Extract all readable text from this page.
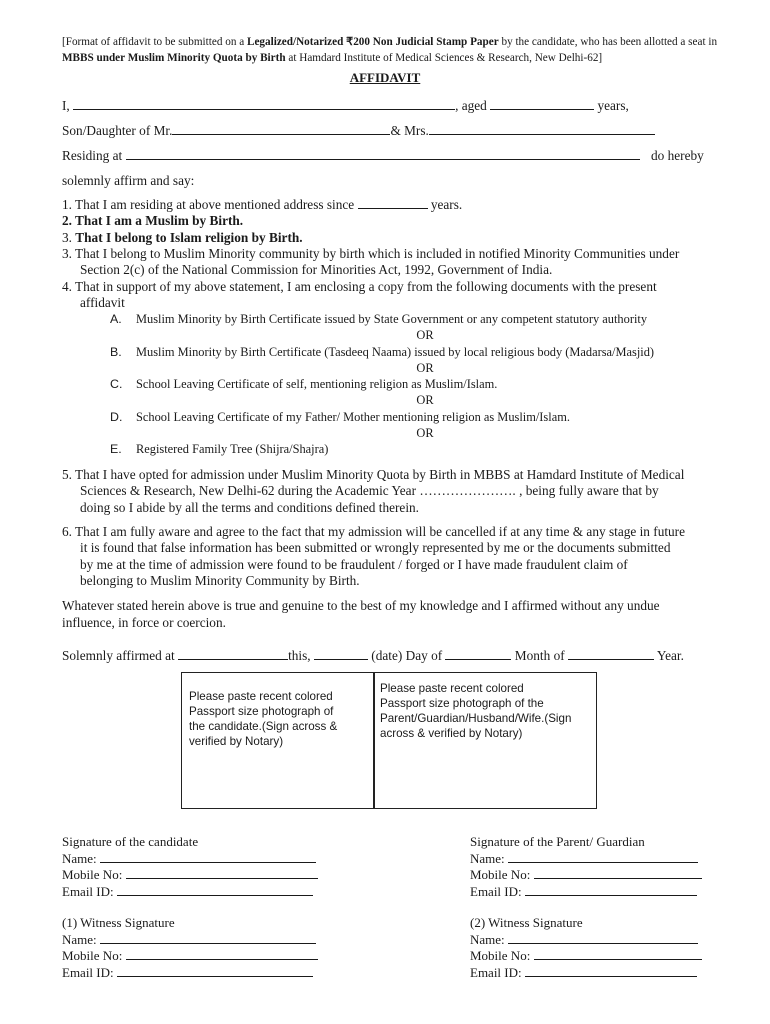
[Format of affidavit to be submitted on a Legalized/Notarized ₹200 Non Judicial Stamp Paper by the candidate, who has been allotted a seat in MBBS under Muslim Minority Quota by Birth at Hamdard Institute of Medical Sciences & Research, New Delhi-62]
AFFIDAVIT
I,	, aged	years,
Son/Daughter of Mr.	& Mrs.
Residing at	do hereby
solemnly affirm and say:
1. That I am residing at above mentioned address since	years.
2. That I am a Muslim by Birth.
3. That I belong to Islam religion by Birth.
3. That I belong to Muslim Minority community by birth which is included in notified Minority Communities under
Section 2(c) of the National Commission for Minorities Act, 1992, Government of India.
4. That in support of my above statement, I am enclosing a copy from the following documents with the present
affidavit
A. Muslim Minority by Birth Certificate issued by State Government or any competent statutory authority
OR
B. Muslim Minority by Birth Certificate (Tasdeeq Naama) issued by local religious body (Madarsa/Masjid)
OR
C. School Leaving Certificate of self, mentioning religion as Muslim/Islam.
OR
D. School Leaving Certificate of my Father/ Mother mentioning religion as Muslim/Islam.
OR
E. Registered Family Tree (Shijra/Shajra)
5. That I have opted for admission under Muslim Minority Quota by Birth in MBBS at Hamdard Institute of Medical
Sciences & Research, New Delhi-62 during the Academic Year …………………. , being fully aware that by
doing so I abide by all the terms and conditions defined therein.
6. That I am fully aware and agree to the fact that my admission will be cancelled if at any time & any stage in future
it is found that false information has been submitted or wrongly represented by me or the documents submitted
by me at the time of admission were found to be fraudulent / forged or I have made fraudulent claim of
belonging to Muslim Minority Community by Birth.
Whatever stated herein above is true and genuine to the best of my knowledge and I affirmed without any undue
influence, in force or coercion.
Solemnly affirmed at	this,	(date) Day of	Month of	Year.
Please paste recent colored
Passport size photograph of
the candidate.(Sign across &
verified by Notary)
Please paste recent colored
Passport size photograph of the
Parent/Guardian/Husband/Wife.(Sign
across & verified by Notary)
Signature of the candidate
Name:
Mobile No:
Email ID:
Signature of the Parent/ Guardian
Name:
Mobile No:
Email ID:
(1) Witness Signature
Name:
Mobile No:
Email ID:
(2) Witness Signature
Name:
Mobile No:
Email ID:
